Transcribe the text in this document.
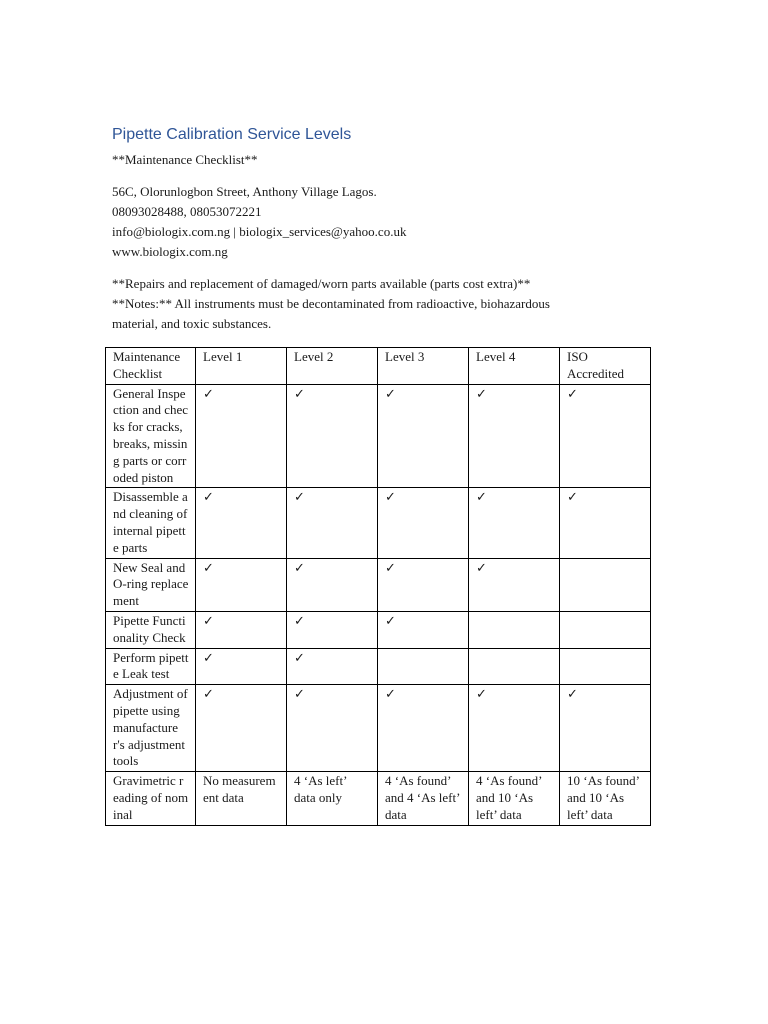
Pipette Calibration Service Levels

**Maintenance Checklist**

56C, Olorunlogbon Street, Anthony Village Lagos.

08093028488, 08053072221

info@biologix.com.ng | biologix_services@yahoo.co.uk

www.biologix.com.ng

**Repairs and replacement of damaged/worn parts available (parts cost extra)**

**Notes:** All instruments must be decontaminated from radioactive, biohazardous

material, and toxic substances.

Maintenance Checklist	Level 1	Level 2	Level 3	Level 4	ISO Accredited
General Inspection and checks for cracks, breaks, missing parts or corroded piston	✓	✓	✓	✓	✓
Disassemble and cleaning of internal pipette parts	✓	✓	✓	✓	✓
New Seal and O-ring replacement	✓	✓	✓	✓	
Pipette Functionality Check	✓	✓	✓		
Perform pipette Leak test	✓	✓			
Adjustment of pipette using manufacturer's adjustment tools	✓	✓	✓	✓	✓
Gravimetric reading of nominal	No measurement data	4 ‘As left’ data only	4 ‘As found’ and 4 ‘As left’ data	4 ‘As found’ and 10 ‘As left’ data	10 ‘As found’ and 10 ‘As left’ data
